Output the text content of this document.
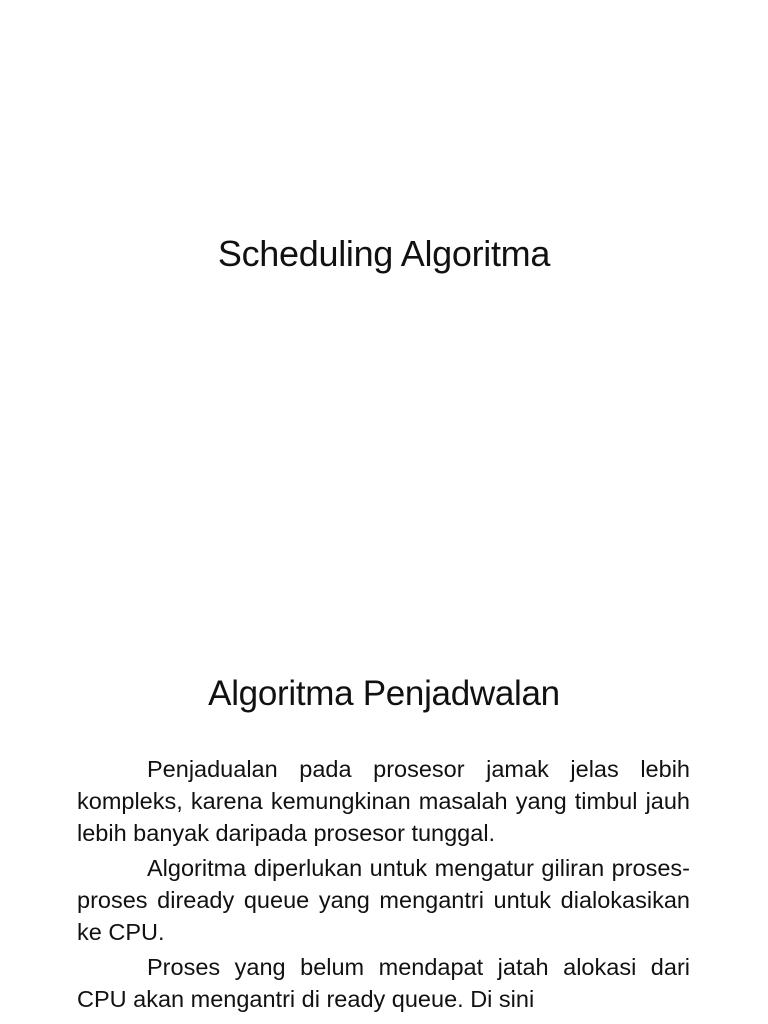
Scheduling Algoritma
Algoritma Penjadwalan

Penjadualan pada prosesor jamak jelas lebih kompleks, karena kemungkinan masalah yang timbul jauh lebih banyak daripada prosesor tunggal.

Algoritma diperlukan untuk mengatur giliran proses-proses diready queue yang mengantri untuk dialokasikan ke CPU.

Proses yang belum mendapat jatah alokasi dari CPU akan mengantri di ready queue. Di sini
